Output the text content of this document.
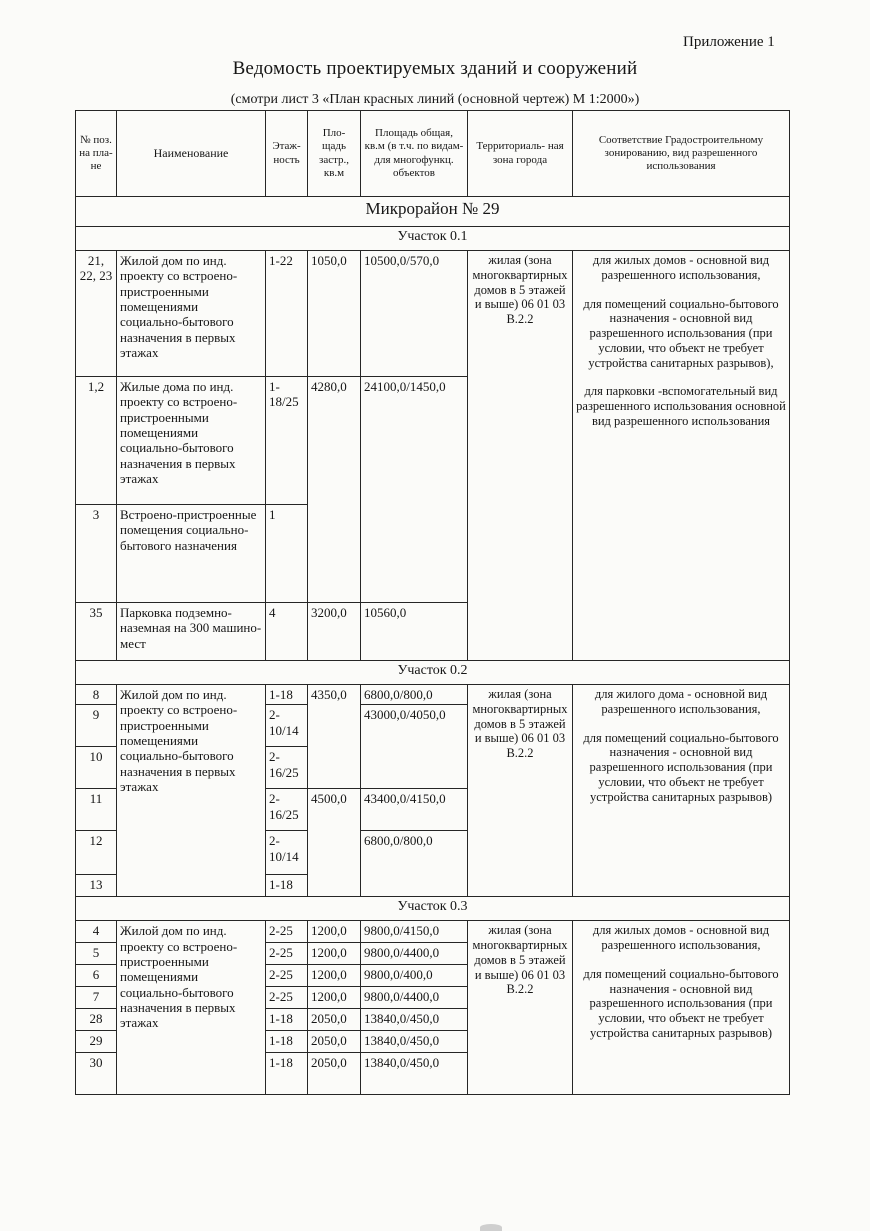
Приложение 1
Ведомость проектируемых зданий и сооружений
(смотри лист 3 «План красных линий (основной чертеж) М 1:2000»)
№ поз. на пла- не	Наименование	Этаж- ность	Пло- щадь застр., кв.м	Площадь общая, кв.м (в т.ч. по видам- для многофункц. объектов	Территориаль- ная зона города	Соответствие Градостроительному зонированию, вид разрешенного использования
Микрорайон № 29						
Участок 0.1						
21, 22, 23	Жилой дом по инд. проекту со встроено-пристроенными помещениями социально-бытового назначения в первых этажах	1-22	1050,0	10500,0/570,0	жилая (зона многоквартирных домов в 5 этажей и выше) 06 01 03 В.2.2	для жилых домов - основной вид разрешенного использования,
для помещений социально-бытового назначения - основной вид разрешенного использования (при условии, что объект не требует устройства санитарных разрывов),
для парковки -вспомогательный вид разрешенного использования основной вид разрешенного использования

1,2	Жилые дома по инд. проекту со встроено-пристроенными помещениями социально-бытового назначения в первых этажах	1-18/25	4280,0	24100,0/1450,0		
3	Встроено-пристроенные помещения социально-бытового назначения	1				
35	Парковка подземно-наземная на 300 машино-мест	4	3200,0	10560,0		
Участок 0.2						
8	Жилой дом по инд. проекту со встроено-пристроенными помещениями социально-бытового назначения в первых этажах	1-18	4350,0	6800,0/800,0	жилая (зона многоквартирных домов в 5 этажей и выше) 06 01 03 В.2.2	для жилого дома - основной вид разрешенного использования,
для помещений социально-бытового назначения - основной вид разрешенного использования (при условии, что объект не требует устройства санитарных разрывов)

9		2-10/14		43000,0/4050,0		
10		2-16/25				
11		2-16/25	4500,0	43400,0/4150,0		
12		2-10/14		6800,0/800,0		
13		1-18				
Участок 0.3						
4	Жилой дом по инд. проекту со встроено-пристроенными помещениями социально-бытового назначения в первых этажах	2-25	1200,0	9800,0/4150,0	жилая (зона многоквартирных домов в 5 этажей и выше) 06 01 03 В.2.2	для жилых домов - основной вид разрешенного использования,
для помещений социально-бытового назначения - основной вид разрешенного использования (при условии, что объект не требует устройства санитарных разрывов)

5		2-25	1200,0	9800,0/4400,0		
6		2-25	1200,0	9800,0/400,0		
7		2-25	1200,0	9800,0/4400,0		
28		1-18	2050,0	13840,0/450,0		
29		1-18	2050,0	13840,0/450,0		
30		1-18	2050,0	13840,0/450,0		
